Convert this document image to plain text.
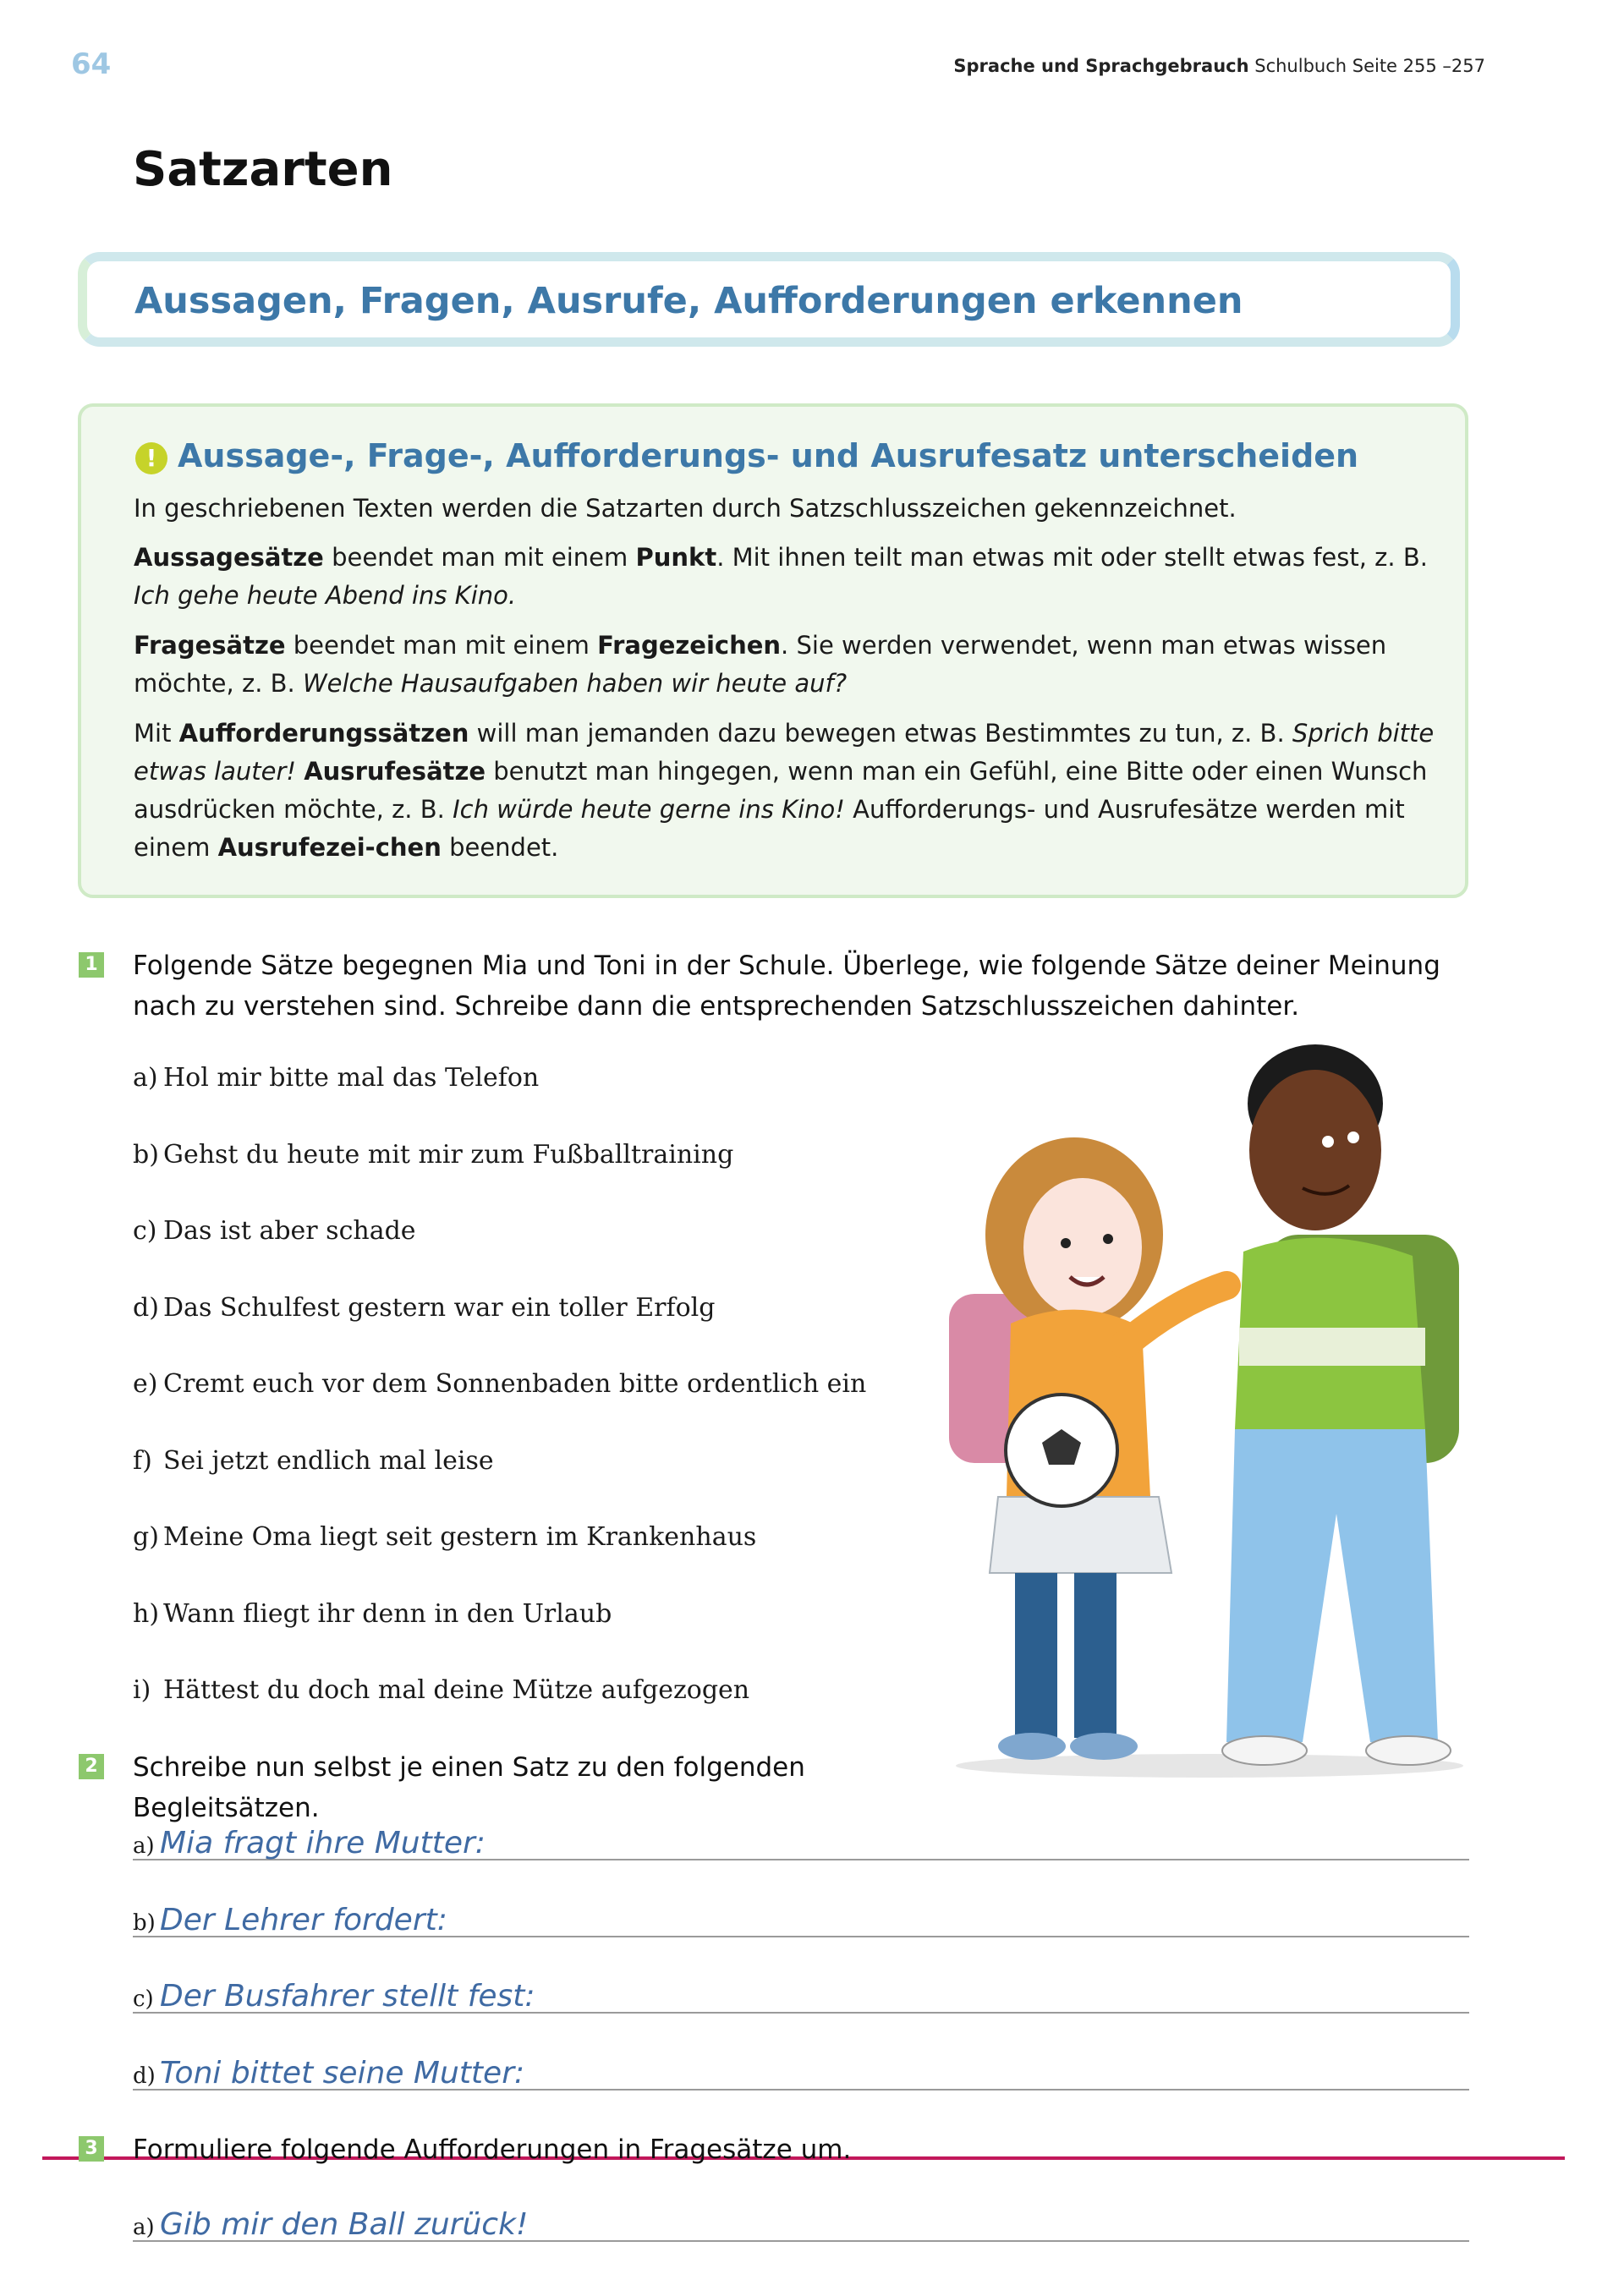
64	Sprache und Sprachgebrauch Schulbuch Seite 255 –257
Satzarten
Aussagen, Fragen, Ausrufe, Aufforderungen erkennen
! Aussage-, Frage-, Aufforderungs- und Ausrufesatz unterscheiden
In geschriebenen Texten werden die Satzarten durch Satzschlusszeichen gekennzeichnet.
Aussagesätze beendet man mit einem Punkt. Mit ihnen teilt man etwas mit oder stellt etwas fest, z. B. Ich gehe heute Abend ins Kino.
Fragesätze beendet man mit einem Fragezeichen. Sie werden verwendet, wenn man etwas wissen möchte, z. B. Welche Hausaufgaben haben wir heute auf?
Mit Aufforderungssätzen will man jemanden dazu bewegen etwas Bestimmtes zu tun, z. B. Sprich bitte etwas lauter! Ausrufesätze benutzt man hingegen, wenn man ein Gefühl, eine Bitte oder einen Wunsch ausdrücken möchte, z. B. Ich würde heute gerne ins Kino! Aufforderungs- und Ausrufesätze werden mit einem Ausrufezei-chen beendet.
1 Folgende Sätze begegnen Mia und Toni in der Schule. Überlege, wie folgende Sätze deiner Meinung nach zu verstehen sind. Schreibe dann die entsprechenden Satzschlusszeichen dahinter.
a) Hol mir bitte mal das Telefon
b) Gehst du heute mit mir zum Fußballtraining
c) Das ist aber schade
d) Das Schulfest gestern war ein toller Erfolg
e) Cremt euch vor dem Sonnenbaden bitte ordentlich ein
f) Sei jetzt endlich mal leise
g) Meine Oma liegt seit gestern im Krankenhaus
h) Wann fliegt ihr denn in den Urlaub
i) Hättest du doch mal deine Mütze aufgezogen
2 Schreibe nun selbst je einen Satz zu den folgenden Begleitsätzen.
a) Mia fragt ihre Mutter:
b) Der Lehrer fordert:
c) Der Busfahrer stellt fest:
d) Toni bittet seine Mutter:
3 Formuliere folgende Aufforderungen in Fragesätze um.
a) Gib mir den Ball zurück!
